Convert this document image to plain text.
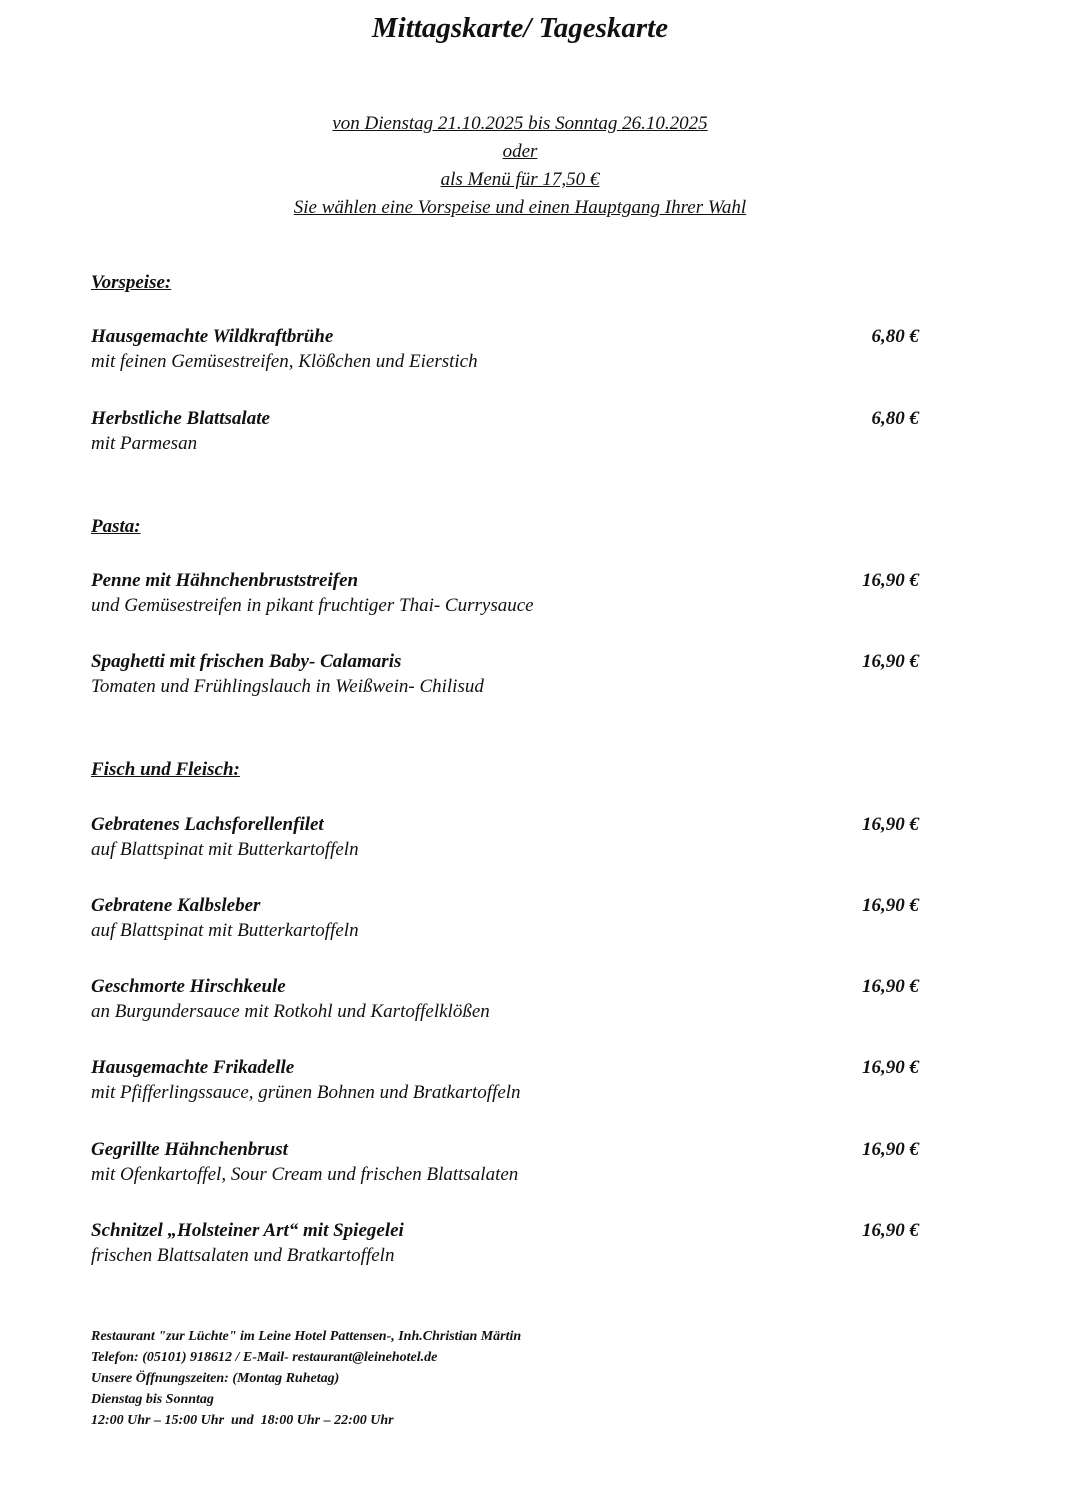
Mittagskarte/ Tageskarte
von Dienstag 21.10.2025 bis Sonntag 26.10.2025
oder
als Menü für 17,50 €
Sie wählen eine Vorspeise und einen Hauptgang Ihrer Wahl
Vorspeise:
Hausgemachte Wildkraftbrühe	6,80 €
mit feinen Gemüsestreifen, Klößchen und Eierstich
Herbstliche Blattsalate	6,80 €
mit Parmesan
Pasta:
Penne mit Hähnchenbruststreifen	16,90 €
und Gemüsestreifen in pikant fruchtiger Thai- Currysauce
Spaghetti mit frischen Baby- Calamaris	16,90 €
Tomaten und Frühlingslauch in Weißwein- Chilisud
Fisch und Fleisch:
Gebratenes Lachsforellenfilet	16,90 €
auf Blattspinat mit Butterkartoffeln
Gebratene Kalbsleber	16,90 €
auf Blattspinat mit Butterkartoffeln
Geschmorte Hirschkeule	16,90 €
an Burgundersauce mit Rotkohl und Kartoffelklößen
Hausgemachte Frikadelle	16,90 €
mit Pfifferlingssauce, grünen Bohnen und Bratkartoffeln
Gegrillte Hähnchenbrust	16,90 €
mit Ofenkartoffel, Sour Cream und frischen Blattsalaten
Schnitzel „Holsteiner Art“ mit Spiegelei	16,90 €
frischen Blattsalaten und Bratkartoffeln
Restaurant "zur Lüchte" im Leine Hotel Pattensen-, Inh.Christian Märtin
Telefon: (05101) 918612 / E-Mail- restaurant@leinehotel.de
Unsere Öffnungszeiten: (Montag Ruhetag)
Dienstag bis Sonntag
12:00 Uhr – 15:00 Uhr  und  18:00 Uhr – 22:00 Uhr
